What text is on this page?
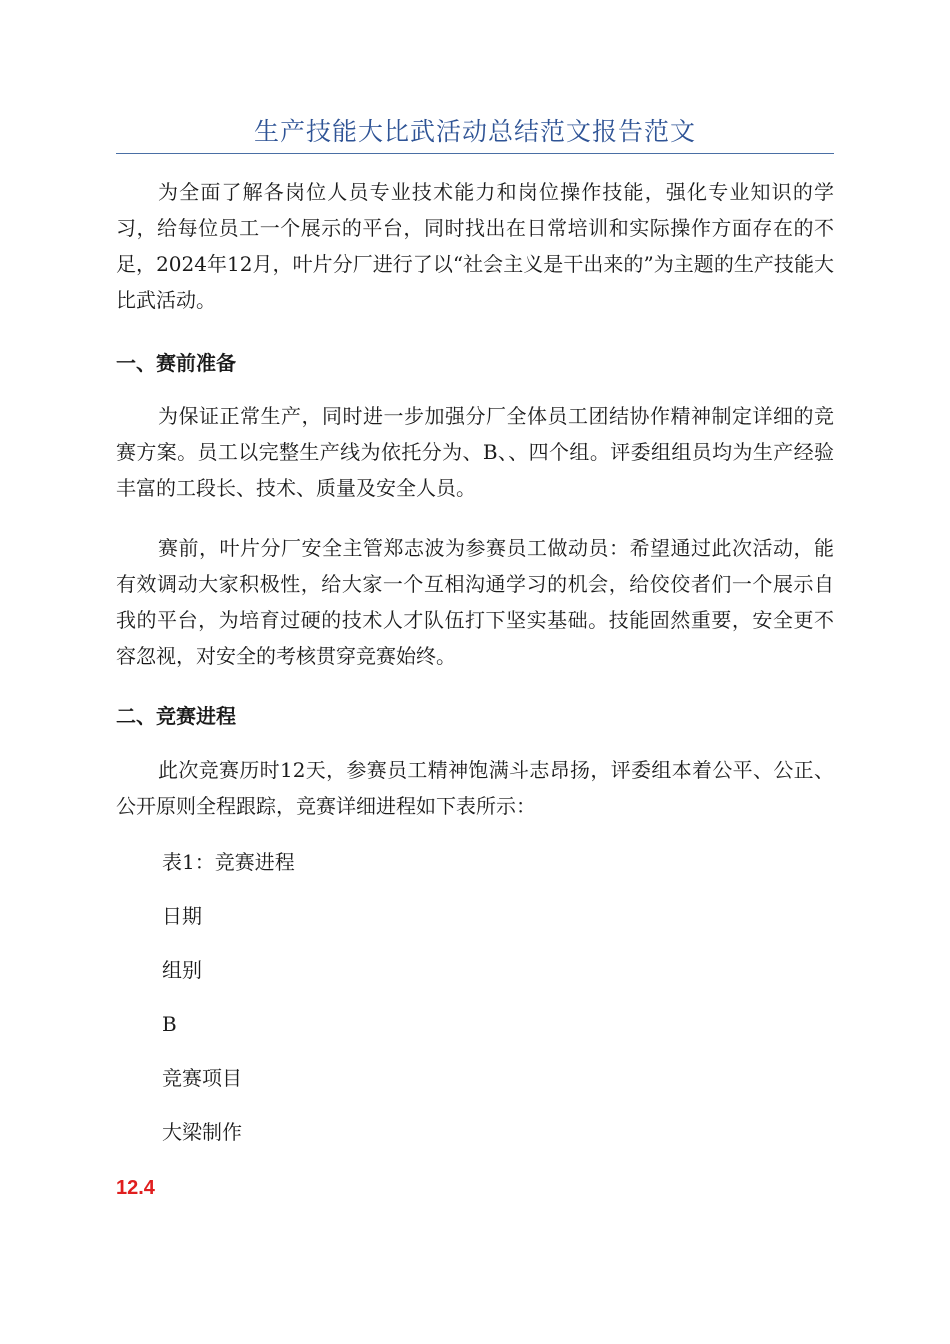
生产技能大比武活动总结范文报告范文

为全面了解各岗位人员专业技术能力和岗位操作技能，强化专业知识的学习，给每位员工一个展示的平台，同时找出在日常培训和实际操作方面存在的不足，2024年12月，叶片分厂进行了以“社会主义是干出来的”为主题的生产技能大比武活动。

一、赛前准备

为保证正常生产，同时进一步加强分厂全体员工团结协作精神制定详细的竞赛方案。员工以完整生产线为依托分为、B、、四个组。评委组组员均为生产经验丰富的工段长、技术、质量及安全人员。

赛前，叶片分厂安全主管郑志波为参赛员工做动员：希望通过此次活动，能有效调动大家积极性，给大家一个互相沟通学习的机会，给佼佼者们一个展示自我的平台，为培育过硬的技术人才队伍打下坚实基础。技能固然重要，安全更不容忽视，对安全的考核贯穿竞赛始终。

二、竞赛进程

此次竞赛历时12天，参赛员工精神饱满斗志昂扬，评委组本着公平、公正、公开原则全程跟踪，竞赛详细进程如下表所示：

表1：竞赛进程
日期
组别
B
竞赛项目
大梁制作
12.4
